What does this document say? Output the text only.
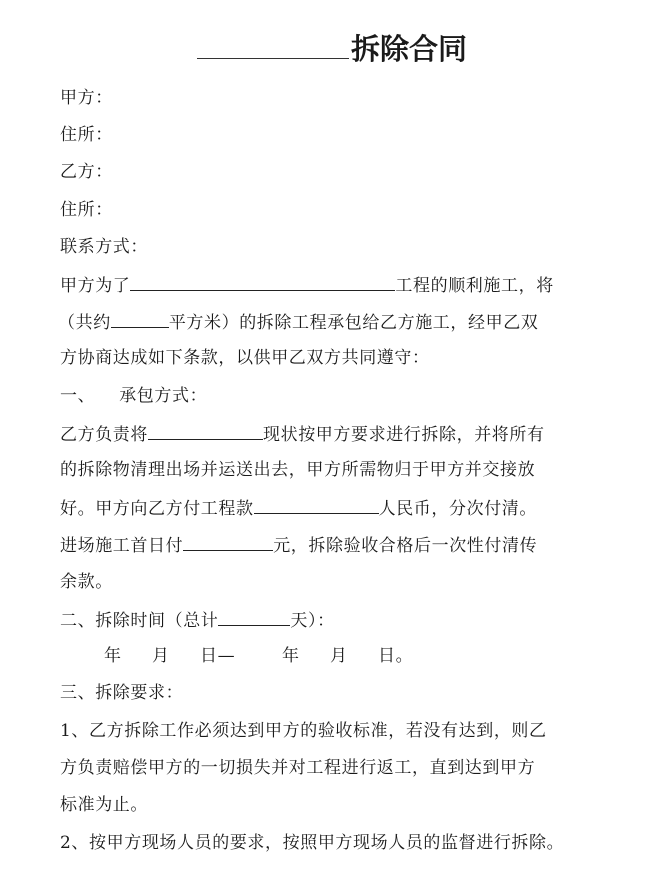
拆除合同
甲方：
住所：
乙方：
住所：
联系方式：
甲方为了	工程的顺利施工，将
（共约	平方米）的拆除工程承包给乙方施工，经甲乙双
方协商达成如下条款，以供甲乙双方共同遵守：
一、 承包方式：
乙方负责将	现状按甲方要求进行拆除，并将所有
的拆除物清理出场并运送出去，甲方所需物归于甲方并交接放
好。甲方向乙方付工程款	人民币，分次付清。
进场施工首日付	元，拆除验收合格后一次性付清传
余款。
二、拆除时间（总计	天）：
年 月 日—	年 月 日。
三、拆除要求：
1、乙方拆除工作必须达到甲方的验收标准，若没有达到，则乙
方负责赔偿甲方的一切损失并对工程进行返工，直到达到甲方
标准为止。
2、按甲方现场人员的要求，按照甲方现场人员的监督进行拆除。
